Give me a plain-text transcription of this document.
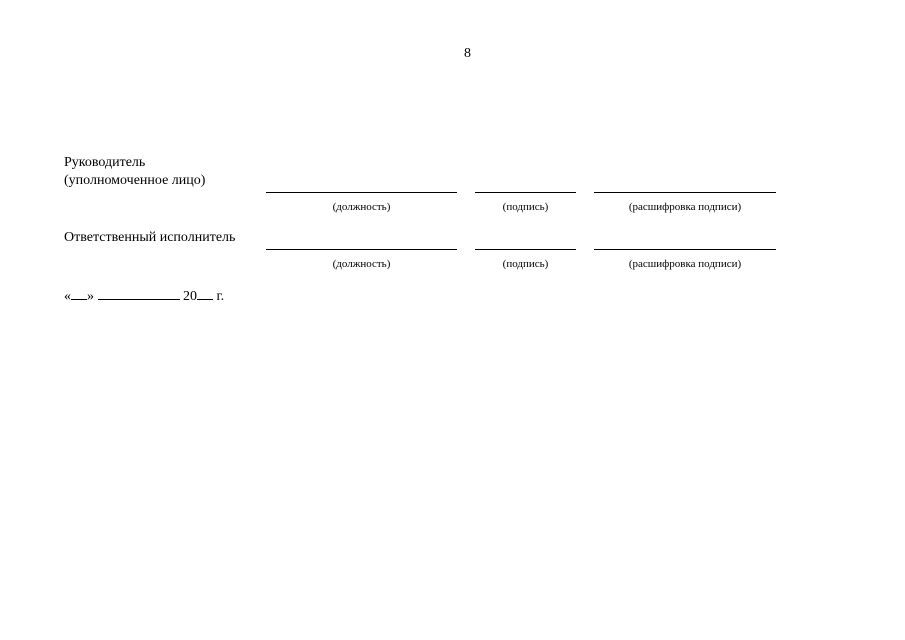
8
Руководитель
(уполномоченное лицо)
(должность)	(подпись)	(расшифровка подписи)
Ответственный исполнитель
(должность)	(подпись)	(расшифровка подписи)
« »	20 г.
